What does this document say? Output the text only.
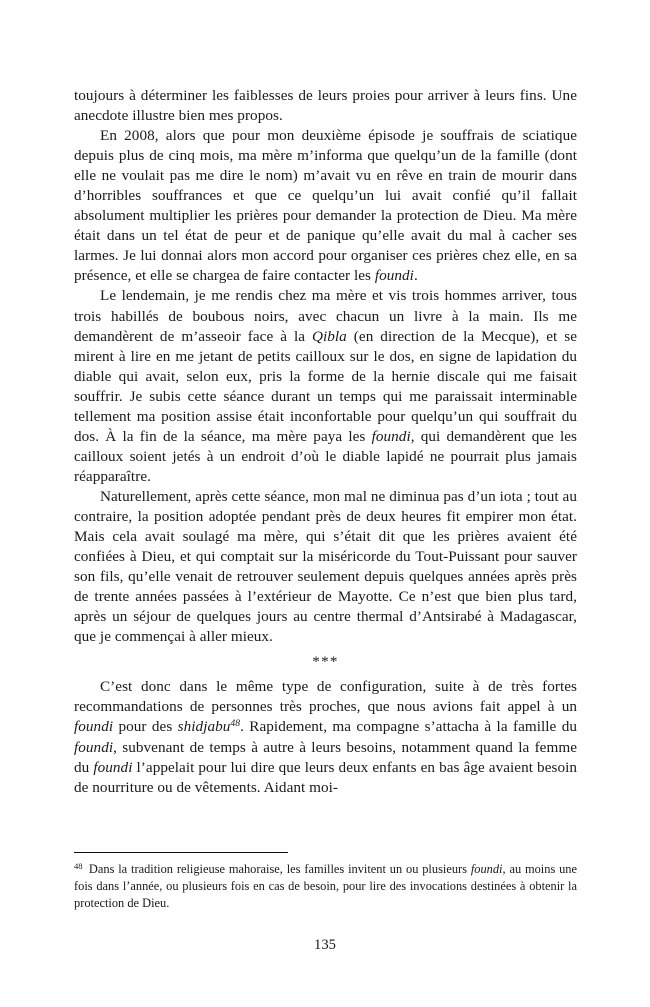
toujours à déterminer les faiblesses de leurs proies pour arriver à leurs fins. Une anecdote illustre bien mes propos.

En 2008, alors que pour mon deuxième épisode je souffrais de sciatique depuis plus de cinq mois, ma mère m’informa que quelqu’un de la famille (dont elle ne voulait pas me dire le nom) m’avait vu en rêve en train de mourir dans d’horribles souffrances et que ce quelqu’un lui avait confié qu’il fallait absolument multiplier les prières pour demander la protection de Dieu. Ma mère était dans un tel état de peur et de panique qu’elle avait du mal à cacher ses larmes. Je lui donnai alors mon accord pour organiser ces prières chez elle, en sa présence, et elle se chargea de faire contacter les foundi.

Le lendemain, je me rendis chez ma mère et vis trois hommes arriver, tous trois habillés de boubous noirs, avec chacun un livre à la main. Ils me demandèrent de m’asseoir face à la Qibla (en direction de la Mecque), et se mirent à lire en me jetant de petits cailloux sur le dos, en signe de lapidation du diable qui avait, selon eux, pris la forme de la hernie discale qui me faisait souffrir. Je subis cette séance durant un temps qui me paraissait interminable tellement ma position assise était inconfortable pour quelqu’un qui souffrait du dos. À la fin de la séance, ma mère paya les foundi, qui demandèrent que les cailloux soient jetés à un endroit d’où le diable lapidé ne pourrait plus jamais réapparaître.

Naturellement, après cette séance, mon mal ne diminua pas d’un iota ; tout au contraire, la position adoptée pendant près de deux heures fit empirer mon état. Mais cela avait soulagé ma mère, qui s’était dit que les prières avaient été confiées à Dieu, et qui comptait sur la miséricorde du Tout-Puissant pour sauver son fils, qu’elle venait de retrouver seulement depuis quelques années après près de trente années passées à l’extérieur de Mayotte. Ce n’est que bien plus tard, après un séjour de quelques jours au centre thermal d’Antsirabé à Madagascar, que je commençai à aller mieux.

***

C’est donc dans le même type de configuration, suite à de très fortes recommandations de personnes très proches, que nous avions fait appel à un foundi pour des shidjabu$^{48}$. Rapidement, ma compagne s’attacha à la famille du foundi, subvenant de temps à autre à leurs besoins, notamment quand la femme du foundi l’appelait pour lui dire que leurs deux enfants en bas âge avaient besoin de nourriture ou de vêtements. Aidant moi-

$^{48}$ Dans la tradition religieuse mahoraise, les familles invitent un ou plusieurs foundi, au moins une fois dans l’année, ou plusieurs fois en cas de besoin, pour lire des invocations destinées à obtenir la protection de Dieu.

135
